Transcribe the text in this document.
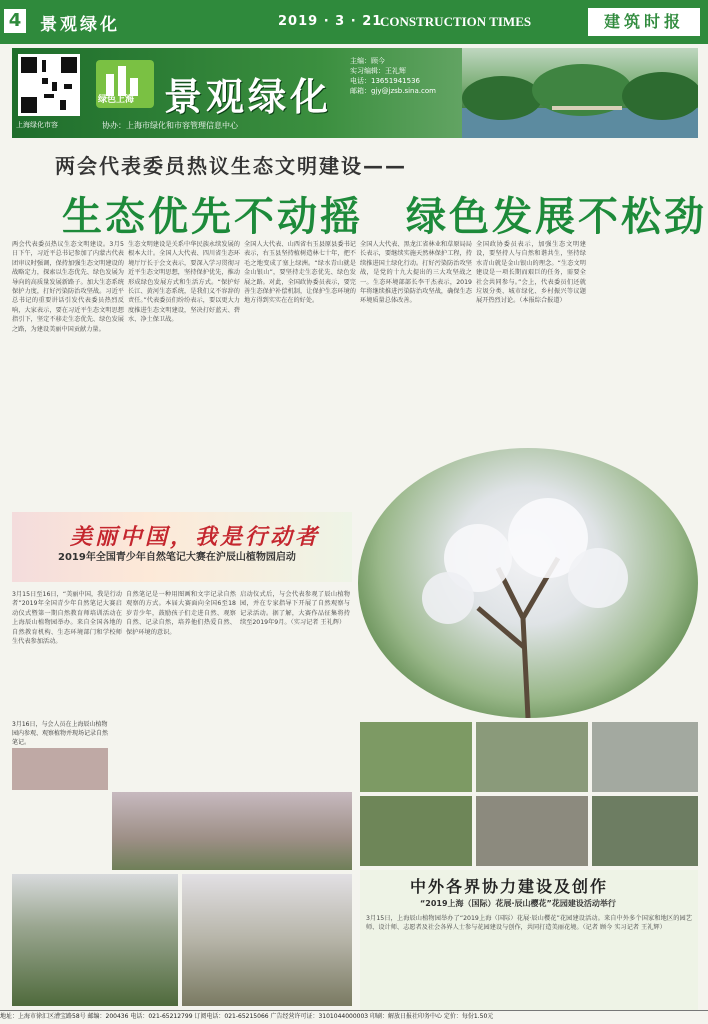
4 景观绿化	2019 · 3 · 21
CONSTRUCTION TIMES	建筑时报
上海绿化市容
绿色上海 景观绿化
协办：上海市绿化和市容管理信息中心
主编：顾今
实习编辑：王礼辉
电话：13651941536
邮箱：gjy@jzsb.sina.com
两会代表委员热议生态文明建设——
生态优先不动摇　绿色发展不松劲
两会代表委员热议生态文明建设。3月5日下午，习近平总书记参加了内蒙古代表团审议时强调，保持加强生态文明建设的战略定力，探索以生态优先、绿色发展为导向的高质量发展新路子。加大生态系统保护力度，打好污染防治攻坚战。习近平总书记的重要讲话引发代表委员热烈反响，大家表示，要在习近平生态文明思想指引下，坚定不移走生态优先、绿色发展之路，为建设美丽中国贡献力量。
生态文明建设是关系中华民族永续发展的根本大计。全国人大代表、四川省生态环境厅厅长于会文表示，要深入学习贯彻习近平生态文明思想，坚持保护优先，推动形成绿色发展方式和生活方式。“保护好长江、黄河生态系统，是我们义不容辞的责任。”代表委员们纷纷表示，要以更大力度推进生态文明建设，坚决打好蓝天、碧水、净土保卫战。
全国人大代表、山西省右玉县原县委书记表示，右玉县坚持植树造林七十年，把不毛之地变成了塞上绿洲。“绿水青山就是金山银山”，要坚持走生态优先、绿色发展之路。对此，全国政协委员表示，要完善生态保护补偿机制，让保护生态环境的地方得到实实在在的好处。
全国人大代表、黑龙江省林业和草原局局长表示，要继续实施天然林保护工程，持续推进国土绿化行动。打好污染防治攻坚战，是党的十九大提出的三大攻坚战之一。生态环境部部长李干杰表示，2019年将继续推进污染防治攻坚战，确保生态环境质量总体改善。
全国政协委员表示，加强生态文明建设，要坚持人与自然和谐共生，坚持绿水青山就是金山银山的理念。“生态文明建设是一项长期而艰巨的任务，需要全社会共同参与。”会上，代表委员们还就垃圾分类、城市绿化、乡村振兴等议题展开热烈讨论。（本报综合报道）
美丽中国，我是行动者
2019年全国青少年自然笔记大赛在沪辰山植物园启动
3月15日至16日，“美丽中国，我是行动者”2019年全国青少年自然笔记大赛启动仪式暨第一期自然教育师培训活动在上海辰山植物园举办。来自全国各地的自然教育机构、生态环境部门和学校师生代表参加活动。
自然笔记是一种用图画和文字记录自然观察的方式。本届大赛面向全国6至18岁青少年，鼓励孩子们走进自然、观察自然、记录自然，培养他们热爱自然、保护环境的意识。
启动仪式后，与会代表参观了辰山植物园，并在专家指导下开展了自然观察与记录活动。据了解，大赛作品征集将持续至2019年9月。（实习记者 王礼辉）
3月16日，与会人员在上海辰山植物园内参观、观察植物并现场记录自然笔记。
中外各界协力建设及创作
“2019上海（国际）花展·辰山樱花”花园建设活动举行
3月15日，上海辰山植物园举办了“2019上海（国际）花展·辰山樱花”花园建设活动。来自中外多个国家和地区的园艺师、设计师、志愿者及社会各界人士参与花园建设与创作，共同打造美丽花境。（记者 顾今 实习记者 王礼辉）
地址：上海市徐汇区漕宝路58号 邮编：200436 电话：021-65212799 订阅电话：021-65215066 广告经营许可证：3101044000003 印刷：解放日报社印务中心 定价：每份1.50元
